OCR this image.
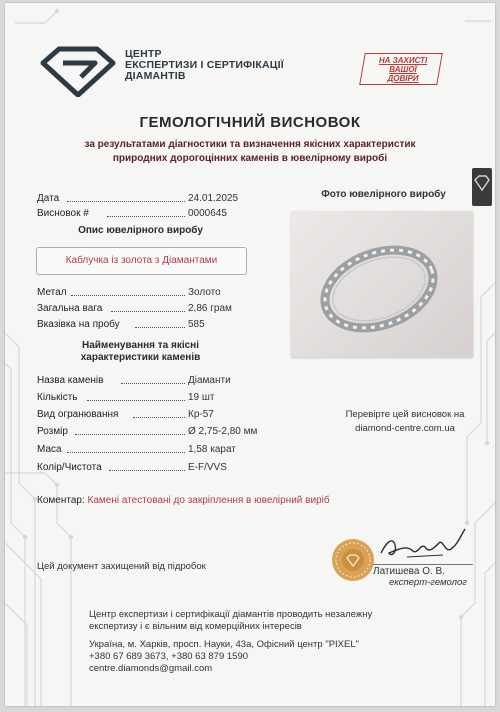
ЦЕНТР
ЕКСПЕРТИЗИ І СЕРТИФІКАЦІЇ
ДІАМАНТІВ
НА ЗАХИСТІ
ВАШОЇ
ДОВІРИ
ГЕМОЛОГІЧНИЙ ВИСНОВОК
за результатами діагностики та визначення якісних характеристик
природних дорогоцінних каменів в ювелірному виробі
Дата	24.01.2025
Висновок #	0000645
Опис ювелірного виробу
Каблучка із золота з Діамантами
Метал	Золото
Загальна вага	2,86 грам
Вказівка на пробу	585
Найменування та якісні
характеристики каменів
Назва каменів	Діаманти
Кількість	19 шт
Вид огранювання	Кр-57
Розмір	Ø 2,75-2,80 мм
Маса	1,58 карат
Колір/Чистота	E-F/VVS
Фото ювелірного виробу
Перевірте цей висновок на
diamond-centre.com.ua
Коментар: Камені атестовані до закріплення в ювелірний виріб
Цей документ захищений від підробок	Латишева О. В.
експерт-гемолог
Центр експертизи і сертифікації діамантів проводить незалежну
експертизу і є вільним від комерційних інтересів
Україна, м. Харків, просп. Науки, 43а, Офісний центр "PIXEL"
+380 67 689 3673, +380 63 879 1590
centre.diamonds@gmail.com
